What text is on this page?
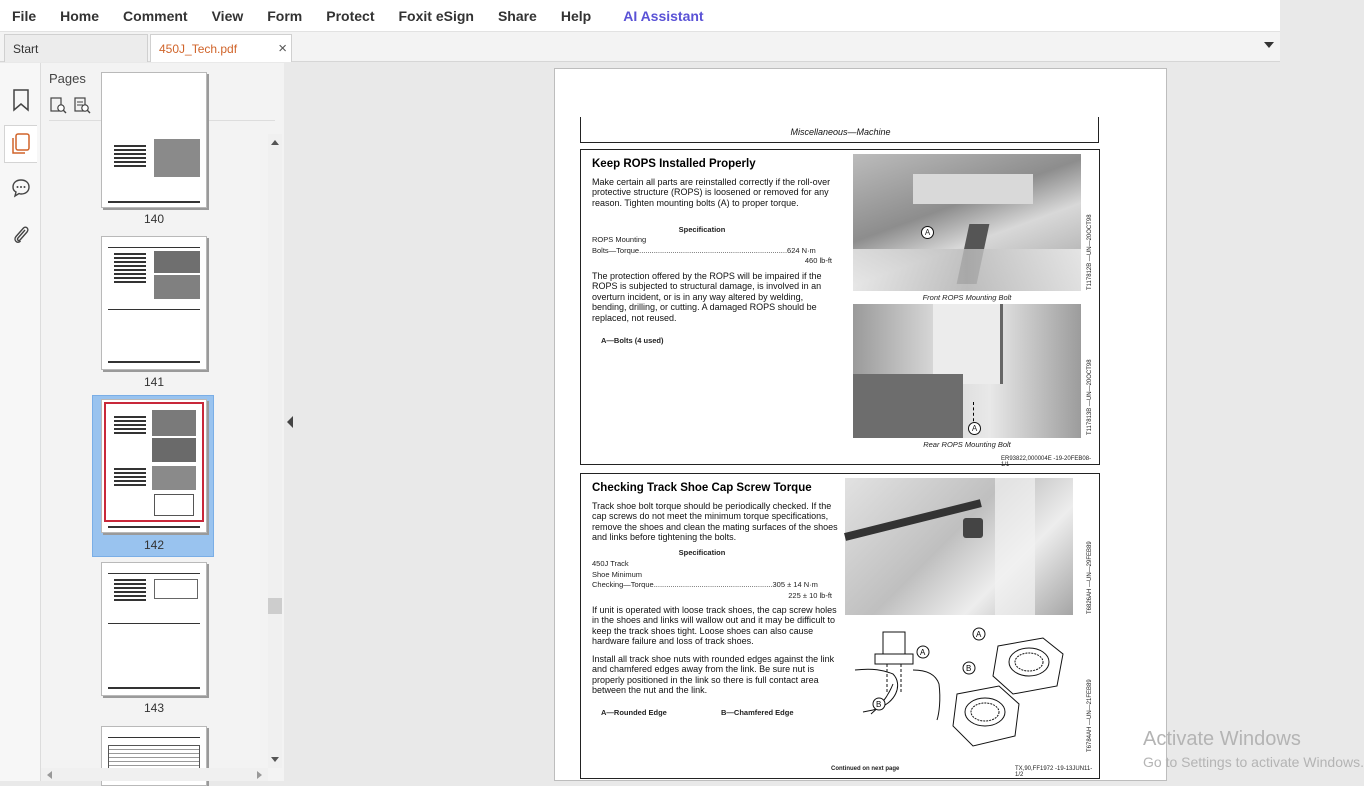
File	Home	Comment	View	Form	Protect	Foxit eSign	Share	Help	AI Assistant
Start	450J_Tech.pdf	×
Pages
140
141
142
143
Miscellaneous—Machine
Keep ROPS Installed Properly
Make certain all parts are reinstalled correctly if the roll-over protective structure (ROPS) is loosened or removed for any reason. Tighten mounting bolts (A) to proper torque.
Specification
ROPS Mounting
Bolts—Torque.......................................................................624 N·m
460 lb-ft
The protection offered by the ROPS will be impaired if the ROPS is subjected to structural damage, is involved in an overturn incident, or is in any way altered by welding, bending, drilling, or cutting. A damaged ROPS should be replaced, not reused.
A—Bolts (4 used)
A
Front ROPS Mounting Bolt
T117812B —UN—20OCT98
A
Rear ROPS Mounting Bolt
T117813B —UN—20OCT98
ER93822,000004E -19-20FEB08-1/1
Checking Track Shoe Cap Screw Torque
Track shoe bolt torque should be periodically checked. If the cap screws do not meet the minimum torque specifications, remove the shoes and clean the mating surfaces of the shoes and links before tightening the bolts.
Specification
450J Track
Shoe Minimum
Checking—Torque.........................................................305 ± 14 N·m
225 ± 10 lb-ft
If unit is operated with loose track shoes, the cap screw holes in the shoes and links will wallow out and it may be difficult to keep the track shoes tight. Loose shoes can also cause hardware failure and loss of track shoes.
Install all track shoe nuts with rounded edges against the link and chamfered edges away from the link. Be sure nut is properly positioned in the link so there is full contact area between the nut and the link.
A—Rounded Edge	B—Chamfered Edge
T6826AH —UN—29FEB89
A
B
A
B
T6784AH —UN—21FEB89
Continued on next page	TX,90,FF1972 -19-13JUN11-1/2
Activate Windows
Go to Settings to activate Windows.
